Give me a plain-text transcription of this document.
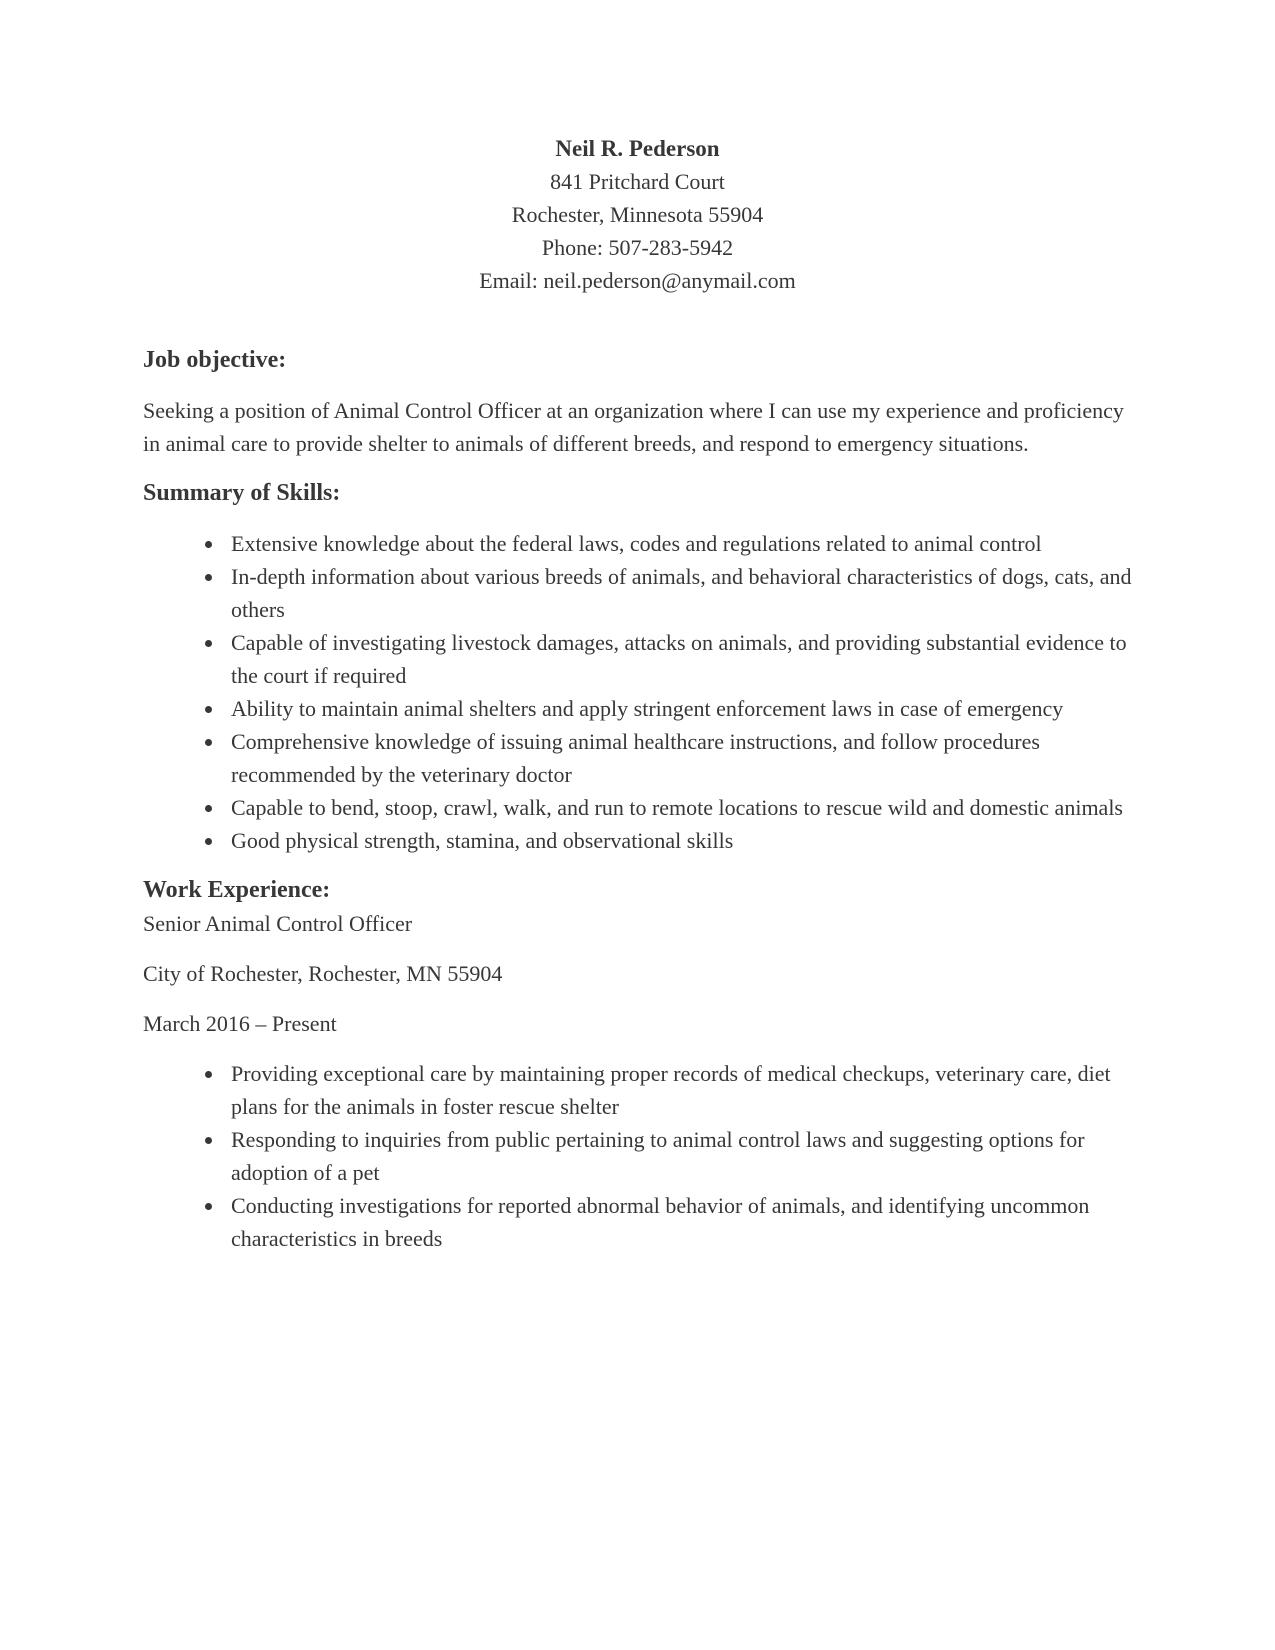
Neil R. Pederson
841 Pritchard Court
Rochester, Minnesota 55904
Phone: 507-283-5942
Email: neil.pederson@anymail.com
Job objective:

Seeking a position of Animal Control Officer at an organization where I can use my experience and proficiency in animal care to provide shelter to animals of different breeds, and respond to emergency situations.

Summary of Skills:
• Extensive knowledge about the federal laws, codes and regulations related to animal control
• In-depth information about various breeds of animals, and behavioral characteristics of dogs, cats, and others
• Capable of investigating livestock damages, attacks on animals, and providing substantial evidence to the court if required
• Ability to maintain animal shelters and apply stringent enforcement laws in case of emergency
• Comprehensive knowledge of issuing animal healthcare instructions, and follow procedures recommended by the veterinary doctor
• Capable to bend, stoop, crawl, walk, and run to remote locations to rescue wild and domestic animals
• Good physical strength, stamina, and observational skills
Work Experience:

Senior Animal Control Officer

City of Rochester, Rochester, MN 55904

March 2016 – Present

• Providing exceptional care by maintaining proper records of medical checkups, veterinary care, diet plans for the animals in foster rescue shelter
• Responding to inquiries from public pertaining to animal control laws and suggesting options for adoption of a pet
• Conducting investigations for reported abnormal behavior of animals, and identifying uncommon characteristics in breeds
